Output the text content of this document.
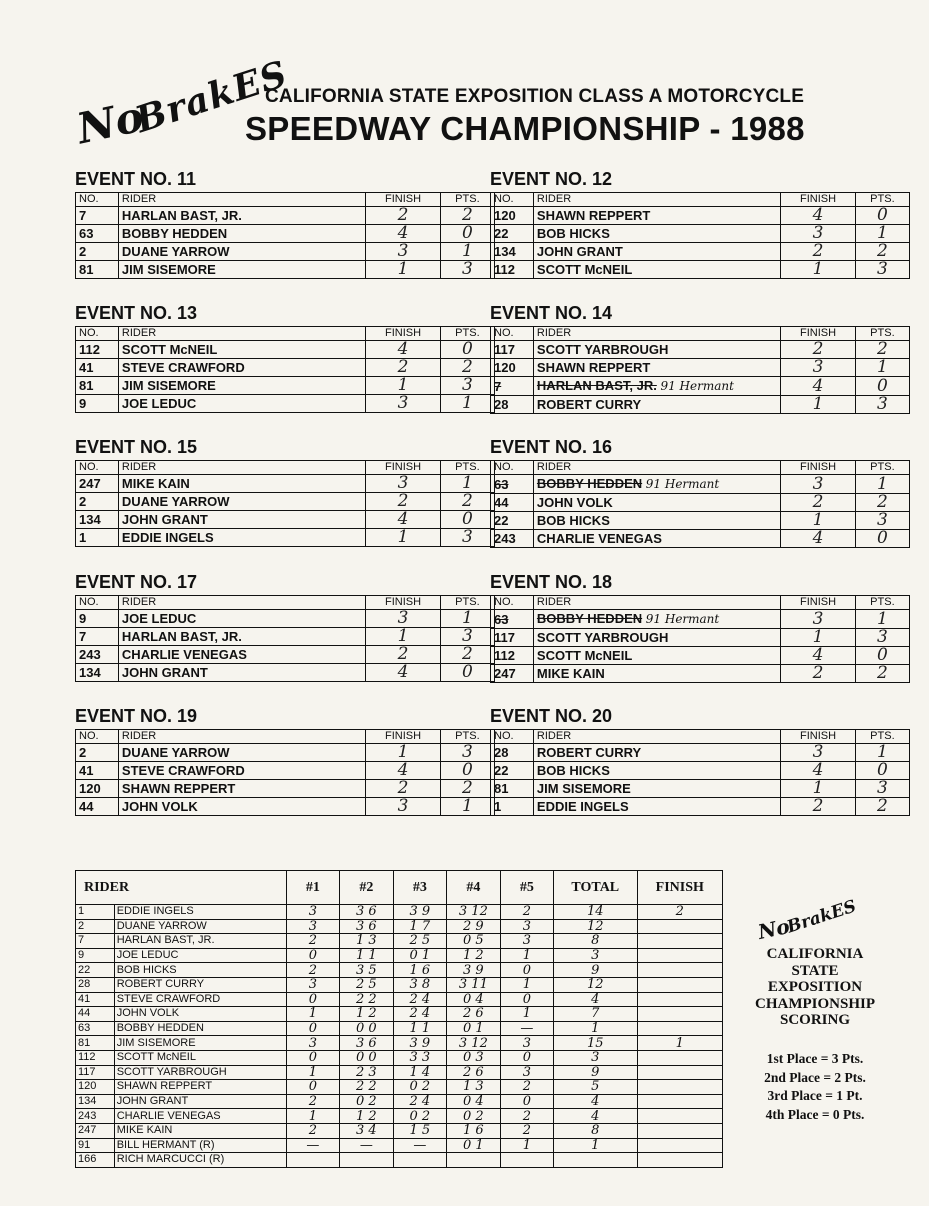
No
BrakES
CALIFORNIA STATE EXPOSITION CLASS A MOTORCYCLE
SPEEDWAY CHAMPIONSHIP - 1988
EVENT NO. 11
NO.	RIDER	FINISH	PTS.
7	HARLAN BAST, JR.	2	2
63	BOBBY HEDDEN	4	0
2	DUANE YARROW	3	1
81	JIM SISEMORE	1	3
EVENT NO. 12
NO.	RIDER	FINISH	PTS.
120	SHAWN REPPERT	4	0
22	BOB HICKS	3	1
134	JOHN GRANT	2	2
112	SCOTT McNEIL	1	3
EVENT NO. 13
NO.	RIDER	FINISH	PTS.
112	SCOTT McNEIL	4	0
41	STEVE CRAWFORD	2	2
81	JIM SISEMORE	1	3
9	JOE LEDUC	3	1
EVENT NO. 14
NO.	RIDER	FINISH	PTS.
117	SCOTT YARBROUGH	2	2
120	SHAWN REPPERT	3	1
7	HARLAN BAST, JR. 91 Hermant	4	0
28	ROBERT CURRY	1	3
EVENT NO. 15
NO.	RIDER	FINISH	PTS.
247	MIKE KAIN	3	1
2	DUANE YARROW	2	2
134	JOHN GRANT	4	0
1	EDDIE INGELS	1	3
EVENT NO. 16
NO.	RIDER	FINISH	PTS.
63	BOBBY HEDDEN 91 Hermant	3	1
44	JOHN VOLK	2	2
22	BOB HICKS	1	3
243	CHARLIE VENEGAS	4	0
EVENT NO. 17
NO.	RIDER	FINISH	PTS.
9	JOE LEDUC	3	1
7	HARLAN BAST, JR.	1	3
243	CHARLIE VENEGAS	2	2
134	JOHN GRANT	4	0
EVENT NO. 18
NO.	RIDER	FINISH	PTS.
63	BOBBY HEDDEN 91 Hermant	3	1
117	SCOTT YARBROUGH	1	3
112	SCOTT McNEIL	4	0
247	MIKE KAIN	2	2
EVENT NO. 19
NO.	RIDER	FINISH	PTS.
2	DUANE YARROW	1	3
41	STEVE CRAWFORD	4	0
120	SHAWN REPPERT	2	2
44	JOHN VOLK	3	1
EVENT NO. 20
NO.	RIDER	FINISH	PTS.
28	ROBERT CURRY	3	1
22	BOB HICKS	4	0
81	JIM SISEMORE	1	3
1	EDDIE INGELS	2	2
RIDER		#1	#2	#3	#4	#5	TOTAL	FINISH
1	EDDIE INGELS	3	3 6	3 9	3 12	2	14	2
2	DUANE YARROW	3	3 6	1 7	2 9	3	12	
7	HARLAN BAST, JR.	2	1 3	2 5	0 5	3	8	
9	JOE LEDUC	0	1 1	0 1	1 2	1	3	
22	BOB HICKS	2	3 5	1 6	3 9	0	9	
28	ROBERT CURRY	3	2 5	3 8	3 11	1	12	
41	STEVE CRAWFORD	0	2 2	2 4	0 4	0	4	
44	JOHN VOLK	1	1 2	2 4	2 6	1	7	
63	BOBBY HEDDEN	0	0 0	1 1	0 1	—	1	
81	JIM SISEMORE	3	3 6	3 9	3 12	3	15	1
112	SCOTT McNEIL	0	0 0	3 3	0 3	0	3	
117	SCOTT YARBROUGH	1	2 3	1 4	2 6	3	9	
120	SHAWN REPPERT	0	2 2	0 2	1 3	2	5	
134	JOHN GRANT	2	0 2	2 4	0 4	0	4	
243	CHARLIE VENEGAS	1	1 2	0 2	0 2	2	4	
247	MIKE KAIN	2	3 4	1 5	1 6	2	8	
91	BILL HERMANT (R)	—	—	—	0 1	1	1	
166	RICH MARCUCCI (R)							
No
BrakES
CALIFORNIA
STATE
EXPOSITION
CHAMPIONSHIP
SCORING
1st Place = 3 Pts.
2nd Place = 2 Pts.
3rd Place = 1 Pt.
4th Place = 0 Pts.
